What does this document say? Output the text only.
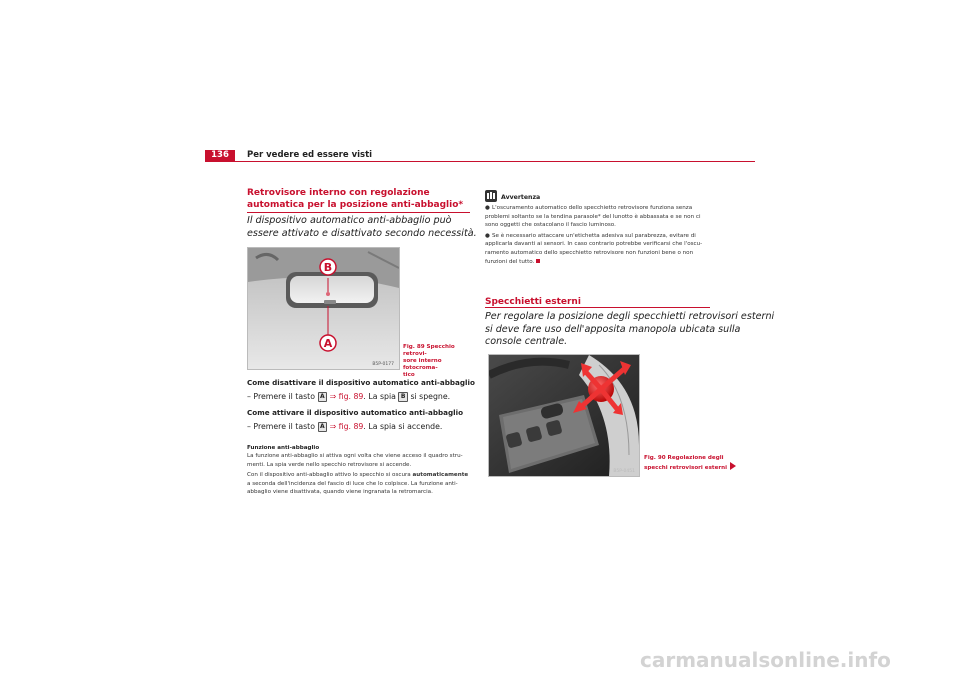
136	Per vedere ed essere visti
Retrovisore interno con regolazione automatica per la posizione anti-abbaglio*
Il dispositivo automatico anti-abbaglio può essere attivato e disattivato secondo necessità.
B
A
B5P-0177
Fig. 89 Specchio retrovi-
sore interno fotocroma-
tico
Come disattivare il dispositivo automatico anti-abbaglio
– Premere il tasto A ⇒ fig. 89. La spia B si spegne.
Come attivare il dispositivo automatico anti-abbaglio
– Premere il tasto A ⇒ fig. 89. La spia si accende.
Funzione anti-abbaglio
La funzione anti-abbaglio si attiva ogni volta che viene acceso il quadro stru-
menti. La spia verde nello specchio retrovisore si accende.
Con il dispositivo anti-abbaglio attivo lo specchio si oscura automaticamente
a seconda dell'incidenza del fascio di luce che lo colpisce. La funzione anti-
abbaglio viene disattivata, quando viene ingranata la retromarcia.
Avvertenza
● L'oscuramento automatico dello specchietto retrovisore funziona senza
problemi soltanto se la tendina parasole* del lunotto è abbassata e se non ci
sono oggetti che ostacolano il fascio luminoso.
● Se è necessario attaccare un'etichetta adesiva sul parabrezza, evitare di
applicarla davanti ai sensori. In caso contrario potrebbe verificarsi che l'oscu-
ramento automatico dello specchietto retrovisore non funzioni bene o non
funzioni del tutto.
Specchietti esterni
Per regolare la posizione degli specchietti retrovisori esterni
si deve fare uso dell'apposita manopola ubicata sulla
console centrale.
B5P-0451
Fig. 90 Regolazione degli
specchi retrovisori esterni
carmanualsonline.info
